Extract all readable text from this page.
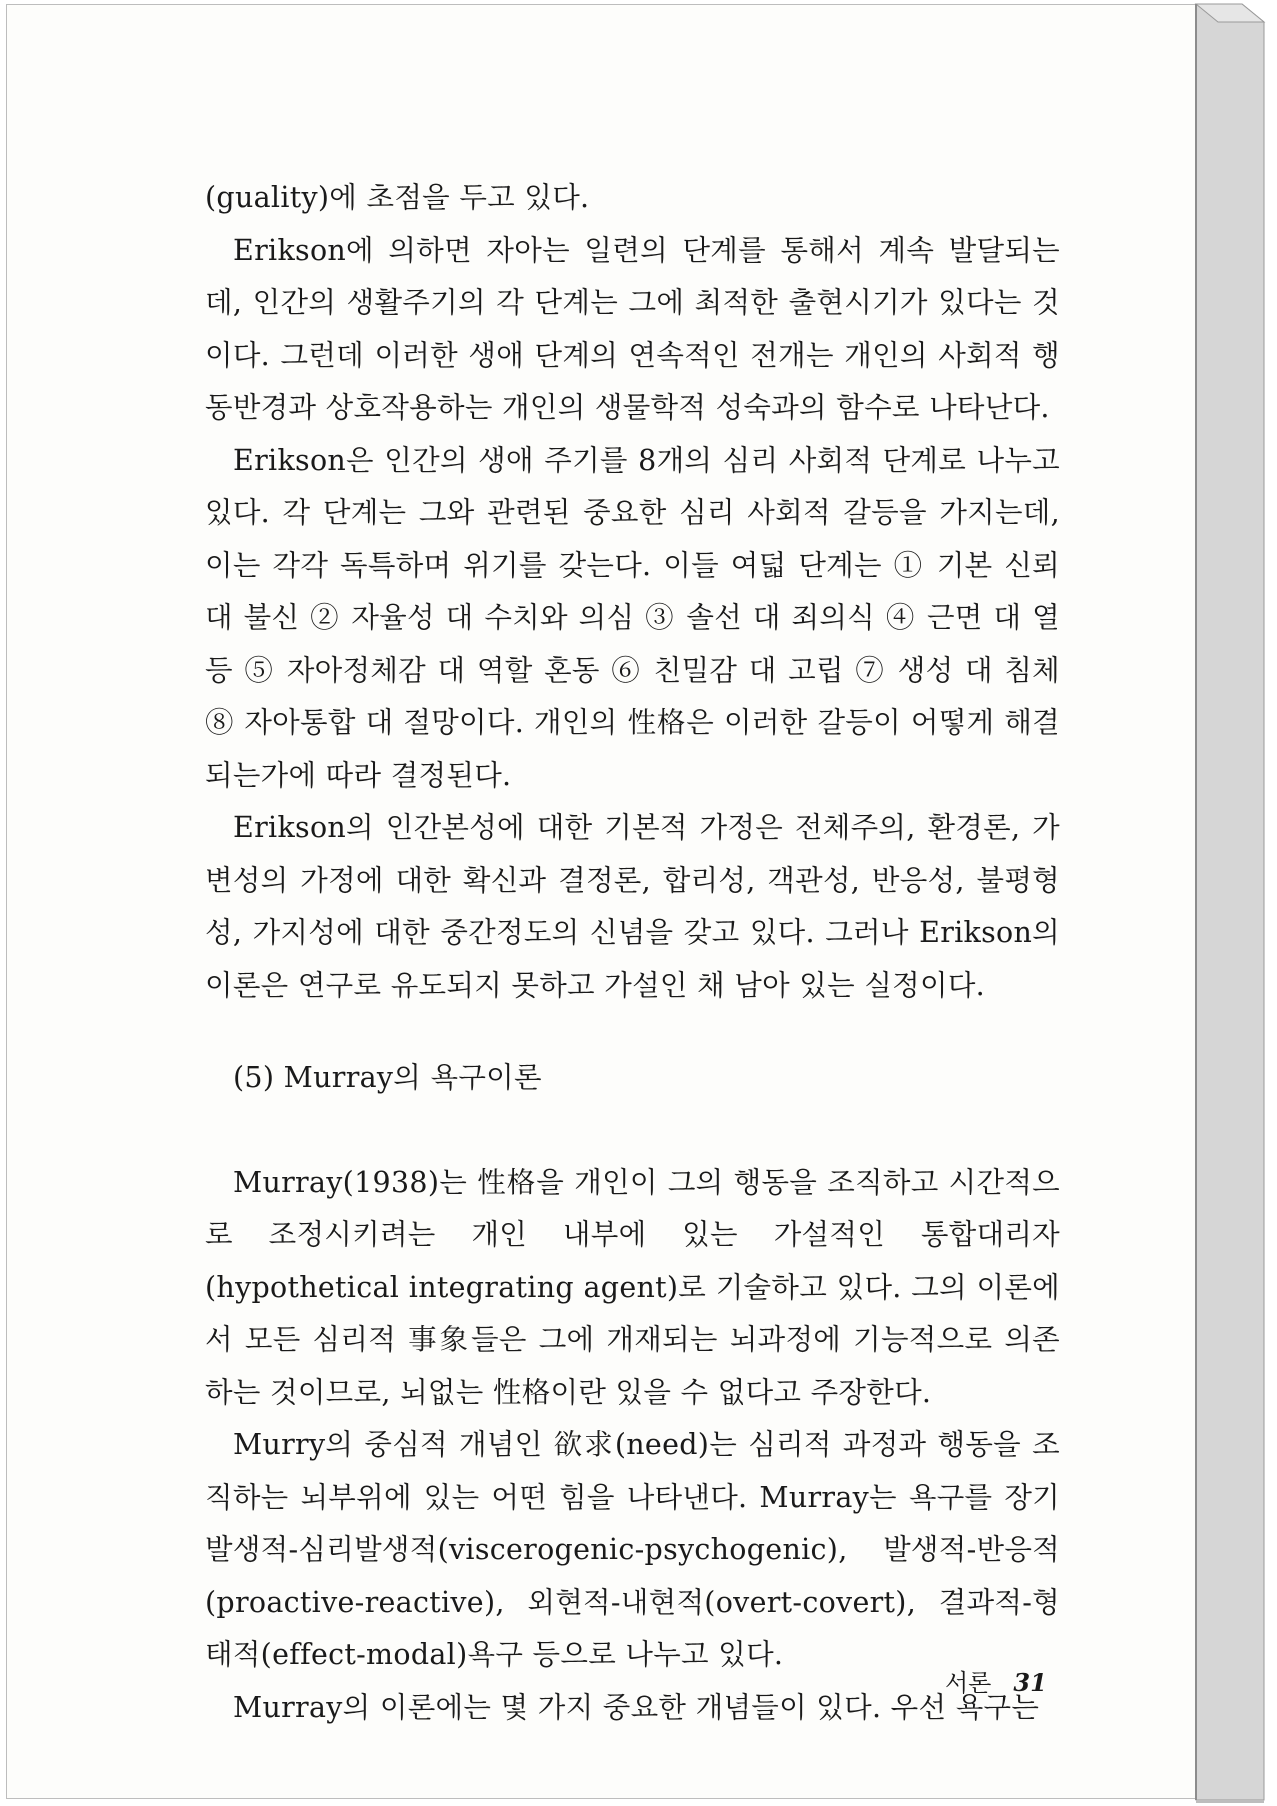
(guality)에 초점을 두고 있다.

Erikson에 의하면 자아는 일련의 단계를 통해서 계속 발달되는데, 인간의 생활주기의 각 단계는 그에 최적한 출현시기가 있다는 것이다. 그런데 이러한 생애 단계의 연속적인 전개는 개인의 사회적 행동반경과 상호작용하는 개인의 생물학적 성숙과의 함수로 나타난다.

Erikson은 인간의 생애 주기를 8개의 심리 사회적 단계로 나누고 있다. 각 단계는 그와 관련된 중요한 심리 사회적 갈등을 가지는데, 이는 각각 독특하며 위기를 갖는다. 이들 여덟 단계는 ① 기본 신뢰 대 불신 ② 자율성 대 수치와 의심 ③ 솔선 대 죄의식 ④ 근면 대 열등 ⑤ 자아정체감 대 역할 혼동 ⑥ 친밀감 대 고립 ⑦ 생성 대 침체 ⑧ 자아통합 대 절망이다. 개인의 性格은 이러한 갈등이 어떻게 해결되는가에 따라 결정된다.

Erikson의 인간본성에 대한 기본적 가정은 전체주의, 환경론, 가변성의 가정에 대한 확신과 결정론, 합리성, 객관성, 반응성, 불평형성, 가지성에 대한 중간정도의 신념을 갖고 있다. 그러나 Erikson의 이론은 연구로 유도되지 못하고 가설인 채 남아 있는 실정이다.

(5) Murray의 욕구이론

Murray(1938)는 性格을 개인이 그의 행동을 조직하고 시간적으로 조정시키려는 개인 내부에 있는 가설적인 통합대리자(hypothetical integrating agent)로 기술하고 있다. 그의 이론에서 모든 심리적 事象들은 그에 개재되는 뇌과정에 기능적으로 의존하는 것이므로, 뇌없는 性格이란 있을 수 없다고 주장한다.

Murry의 중심적 개념인 欲求(need)는 심리적 과정과 행동을 조직하는 뇌부위에 있는 어떤 힘을 나타낸다. Murray는 욕구를 장기발생적-심리발생적(viscerogenic-psychogenic), 발생적-반응적(proactive-reactive), 외현적-내현적(overt-covert), 결과적-형태적(effect-modal)욕구 등으로 나누고 있다.

Murray의 이론에는 몇 가지 중요한 개념들이 있다. 우선 욕구는

서론 31
